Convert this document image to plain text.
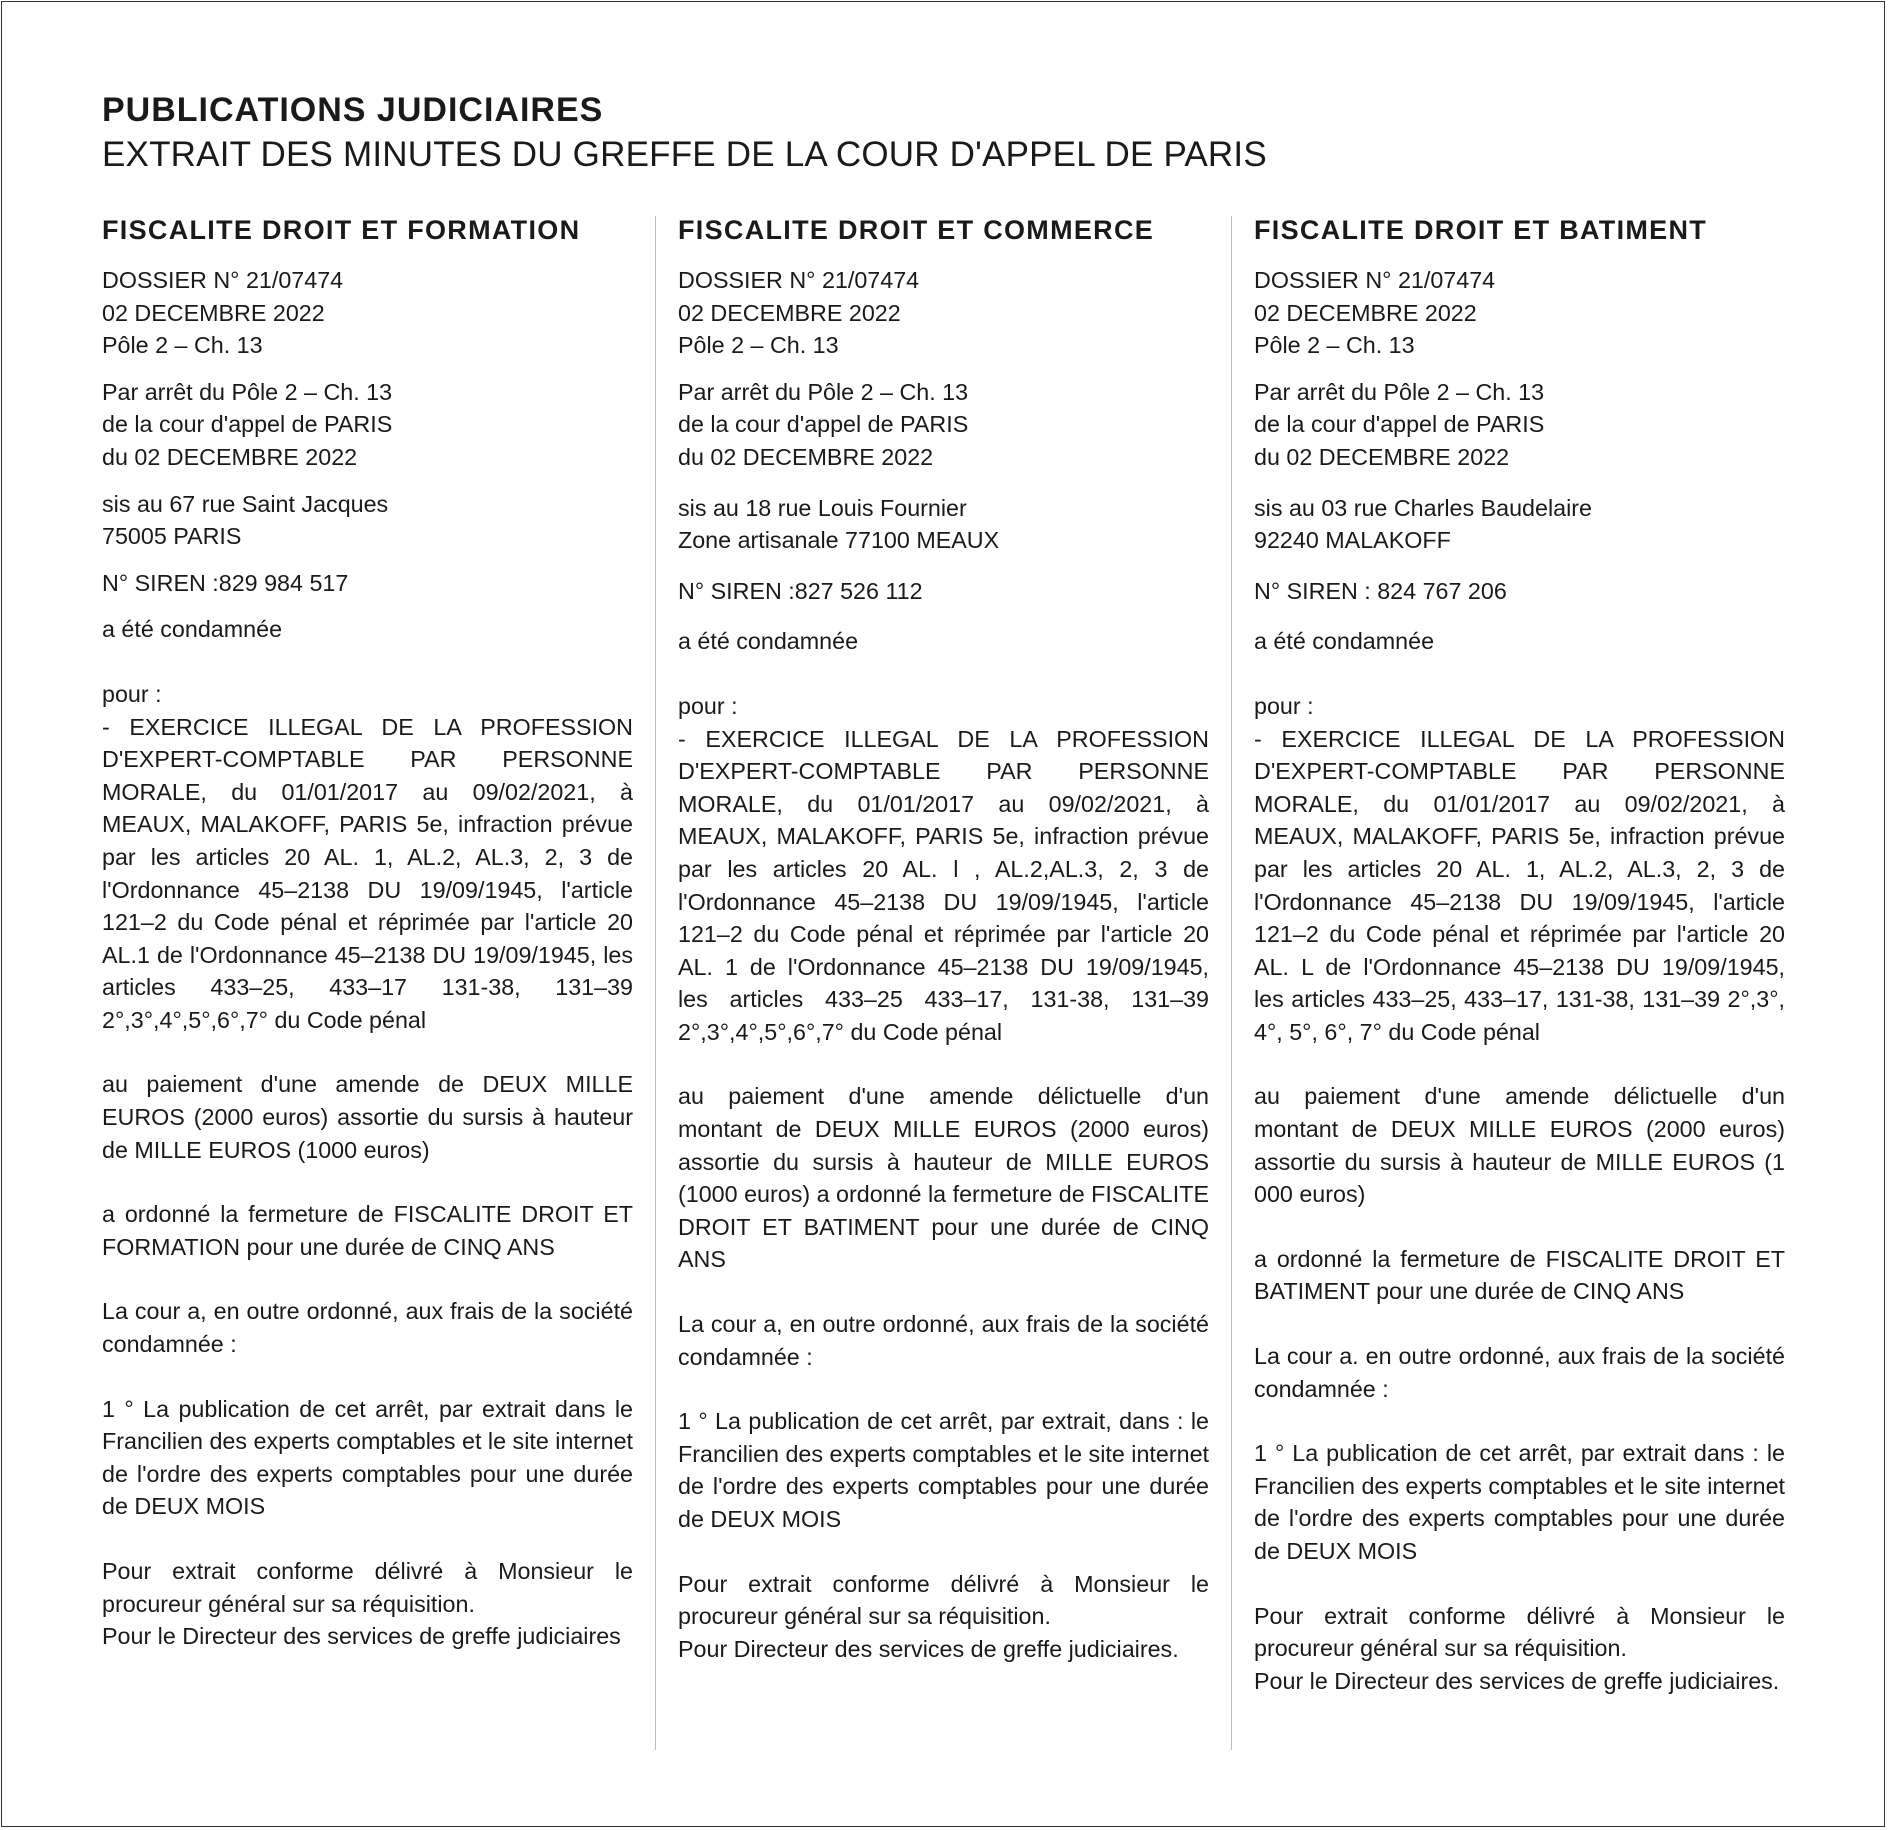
PUBLICATIONS JUDICIAIRES
EXTRAIT DES MINUTES DU GREFFE DE LA COUR D'APPEL DE PARIS
FISCALITE DROIT ET FORMATION
DOSSIER N° 21/07474
02 DECEMBRE 2022
Pôle 2 – Ch. 13
Par arrêt du Pôle 2 – Ch. 13
de la cour d'appel de PARIS
du 02 DECEMBRE 2022
sis au 67 rue Saint Jacques
75005 PARIS
N° SIREN :829 984 517
a été condamnée
pour :
- EXERCICE ILLEGAL DE LA PROFESSION D'EXPERT-COMPTABLE PAR PERSONNE MORALE, du 01/01/2017 au 09/02/2021, à MEAUX, MALAKOFF, PARIS 5e, infraction prévue par les articles 20 AL. 1, AL.2, AL.3, 2, 3 de l'Ordonnance 45–2138 DU 19/09/1945, l'article 121–2 du Code pénal et réprimée par l'article 20 AL.1 de l'Ordonnance 45–2138 DU 19/09/1945, les articles 433–25, 433–17 131-38, 131–39 2°,3°,4°,5°,6°,7° du Code pénal
au paiement d'une amende de DEUX MILLE EUROS (2000 euros) assortie du sursis à hauteur de MILLE EUROS (1000 euros)
a ordonné la fermeture de FISCALITE DROIT ET FORMATION pour une durée de CINQ ANS
La cour a, en outre ordonné, aux frais de la société condamnée :
1 ° La publication de cet arrêt, par extrait dans le Francilien des experts comptables et le site internet de l'ordre des experts comptables pour une durée de DEUX MOIS
Pour extrait conforme délivré à Monsieur le procureur général sur sa réquisition.
Pour le Directeur des services de greffe judiciaires
FISCALITE DROIT ET COMMERCE
DOSSIER N° 21/07474
02 DECEMBRE 2022
Pôle 2 – Ch. 13
Par arrêt du Pôle 2 – Ch. 13
de la cour d'appel de PARIS
du 02 DECEMBRE 2022
sis au 18 rue Louis Fournier
Zone artisanale 77100 MEAUX
N° SIREN :827 526 112
a été condamnée
pour :
- EXERCICE ILLEGAL DE LA PROFESSION D'EXPERT-COMPTABLE PAR PERSONNE MORALE, du 01/01/2017 au 09/02/2021, à MEAUX, MALAKOFF, PARIS 5e, infraction prévue par les articles 20 AL. l , AL.2,AL.3, 2, 3 de l'Ordonnance 45–2138 DU 19/09/1945, l'article 121–2 du Code pénal et réprimée par l'article 20 AL. 1 de l'Ordonnance 45–2138 DU 19/09/1945, les articles 433–25 433–17, 131-38, 131–39 2°,3°,4°,5°,6°,7° du Code pénal
au paiement d'une amende délictuelle d'un montant de DEUX MILLE EUROS (2000 euros) assortie du sursis à hauteur de MILLE EUROS (1000 euros) a ordonné la fermeture de FISCALITE DROIT ET BATIMENT pour une durée de CINQ ANS
La cour a, en outre ordonné, aux frais de la société condamnée :
1 ° La publication de cet arrêt, par extrait, dans : le Francilien des experts comptables et le site internet de l'ordre des experts comptables pour une durée de DEUX MOIS
Pour extrait conforme délivré à Monsieur le procureur général sur sa réquisition.
Pour Directeur des services de greffe judiciaires.
FISCALITE DROIT ET BATIMENT
DOSSIER N° 21/07474
02 DECEMBRE 2022
Pôle 2 – Ch. 13
Par arrêt du Pôle 2 – Ch. 13
de la cour d'appel de PARIS
du 02 DECEMBRE 2022
sis au 03 rue Charles Baudelaire
92240 MALAKOFF
N° SIREN : 824 767 206
a été condamnée
pour :
- EXERCICE ILLEGAL DE LA PROFESSION D'EXPERT-COMPTABLE PAR PERSONNE MORALE, du 01/01/2017 au 09/02/2021, à MEAUX, MALAKOFF, PARIS 5e, infraction prévue par les articles 20 AL. 1, AL.2, AL.3, 2, 3 de l'Ordonnance 45–2138 DU 19/09/1945, l'article 121–2 du Code pénal et réprimée par l'article 20 AL. L de l'Ordonnance 45–2138 DU 19/09/1945, les articles 433–25, 433–17, 131-38, 131–39 2°,3°, 4°, 5°, 6°, 7° du Code pénal
au paiement d'une amende délictuelle d'un montant de DEUX MILLE EUROS (2000 euros) assortie du sursis à hauteur de MILLE EUROS (1 000 euros)
a ordonné la fermeture de FISCALITE DROIT ET BATIMENT pour une durée de CINQ ANS
La cour a. en outre ordonné, aux frais de la société condamnée :
1 ° La publication de cet arrêt, par extrait dans : le Francilien des experts comptables et le site internet de l'ordre des experts comptables pour une durée de DEUX MOIS
Pour extrait conforme délivré à Monsieur le procureur général sur sa réquisition.
Pour le Directeur des services de greffe judiciaires.
